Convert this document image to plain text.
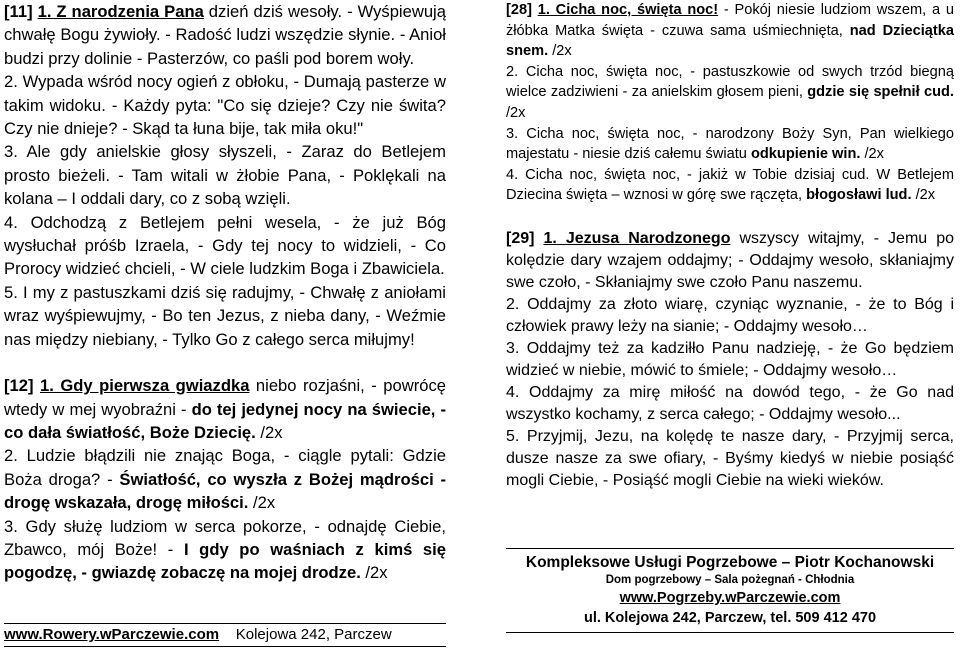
[11] 1. Z narodzenia Pana dzień dziś wesoły. - Wyśpiewują chwałę Bogu żywioły. - Radość ludzi wszędzie słynie. - Anioł budzi przy dolinie - Pasterzów, co paśli pod borem woły.

2. Wypada wśród nocy ogień z obłoku, - Dumają pasterze w takim widoku. - Każdy pyta: "Co się dzieje? Czy nie świta? Czy nie dnieje? - Skąd ta łuna bije, tak miła oku!"

3. Ale gdy anielskie głosy słyszeli, - Zaraz do Betlejem prosto bieżeli. - Tam witali w żłobie Pana, - Poklękali na kolana – I oddali dary, co z sobą wzięli.

4. Odchodzą z Betlejem pełni wesela, - że już Bóg wysłuchał próśb Izraela, - Gdy tej nocy to widzieli, - Co Prorocy widzieć chcieli, - W ciele ludzkim Boga i Zbawiciela.

5. I my z pastuszkami dziś się radujmy, - Chwałę z aniołami wraz wyśpiewujmy, - Bo ten Jezus, z nieba dany, - Weźmie nas między niebiany, - Tylko Go z całego serca miłujmy!

[12] 1. Gdy pierwsza gwiazdka niebo rozjaśni, - powrócę wtedy w mej wyobraźni - do tej jedynej nocy na świecie, - co dała światłość, Boże Dziecię. /2x

2. Ludzie błądzili nie znając Boga, - ciągle pytali: Gdzie Boża droga? - Światłość, co wyszła z Bożej mądrości - drogę wskazała, drogę miłości. /2x

3. Gdy służę ludziom w serca pokorze, - odnajdę Ciebie, Zbawco, mój Boże! - I gdy po waśniach z kimś się pogodzę, - gwiazdę zobaczę na mojej drodze. /2x

www.Rowery.wParczewie.com Kolejowa 242, Parczew

[28] 1. Cicha noc, święta noc! - Pokój niesie ludziom wszem, a u żłóbka Matka święta - czuwa sama uśmiechnięta, nad Dzieciątka snem. /2x

2. Cicha noc, święta noc, - pastuszkowie od swych trzód biegną wielce zadziwieni - za anielskim głosem pieni, gdzie się spełnił cud. /2x

3. Cicha noc, święta noc, - narodzony Boży Syn, Pan wielkiego majestatu - niesie dziś całemu światu odkupienie win. /2x

4. Cicha noc, święta noc, - jakiż w Tobie dzisiaj cud. W Betlejem Dziecina święta – wznosi w górę swe rączęta, błogosławi lud. /2x

[29] 1. Jezusa Narodzonego wszyscy witajmy, - Jemu po kolędzie dary wzajem oddajmy; - Oddajmy wesoło, skłaniajmy swe czoło, - Skłaniajmy swe czoło Panu naszemu.

2. Oddajmy za złoto wiarę, czyniąc wyznanie, - że to Bóg i człowiek prawy leży na sianie; - Oddajmy wesoło…

3. Oddajmy też za kadziłło Panu nadzieję, - że Go będziem widzieć w niebie, mówić to śmiele; - Oddajmy wesoło…

4. Oddajmy za mirę miłość na dowód tego, - że Go nad wszystko kochamy, z serca całego; - Oddajmy wesoło...

5. Przyjmij, Jezu, na kolędę te nasze dary, - Przyjmij serca, dusze nasze za swe ofiary, - Byśmy kiedyś w niebie posiąść mogli Ciebie, - Posiąść mogli Ciebie na wieki wieków.

Kompleksowe Usługi Pogrzebowe – Piotr Kochanowski
Dom pogrzebowy – Sala pożegnań - Chłodnia
www.Pogrzeby.wParczewie.com
ul. Kolejowa 242, Parczew, tel. 509 412 470
